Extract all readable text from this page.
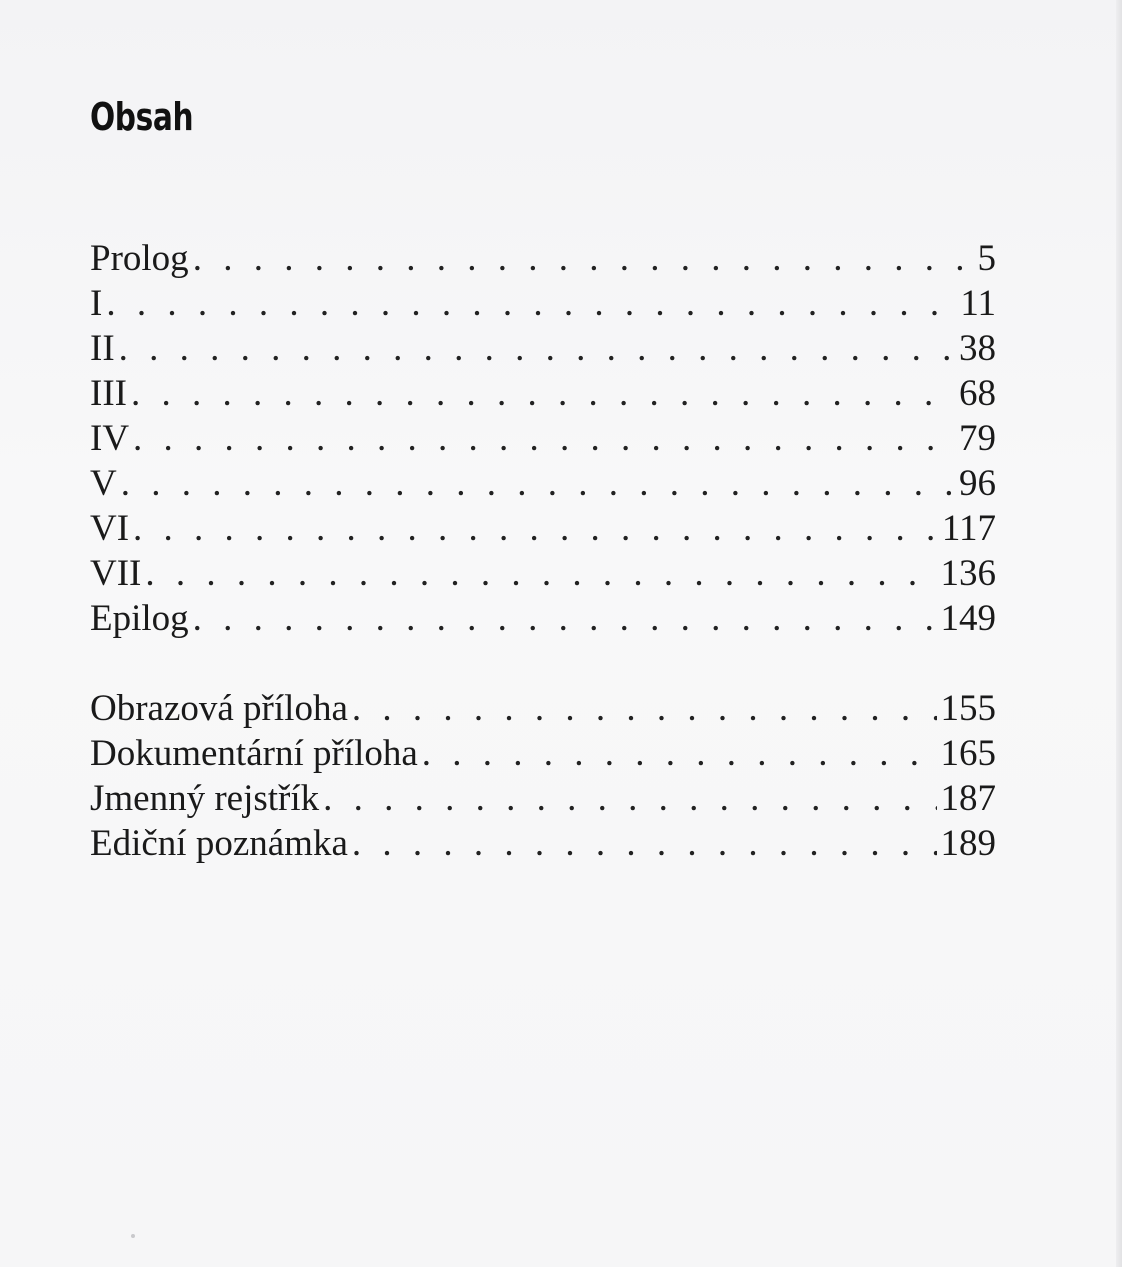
Obsah
Prolog . . .	5
I . . .	11
II . . .	38
III . . .	68
IV . . .	79
V . . .	96
VI . . .	117
VII . . .	136
Epilog . . .	149
Obrazová příloha . . .	155
Dokumentární příloha . . .	165
Jmenný rejstřík . . .	187
Ediční poznámka . . .	189
